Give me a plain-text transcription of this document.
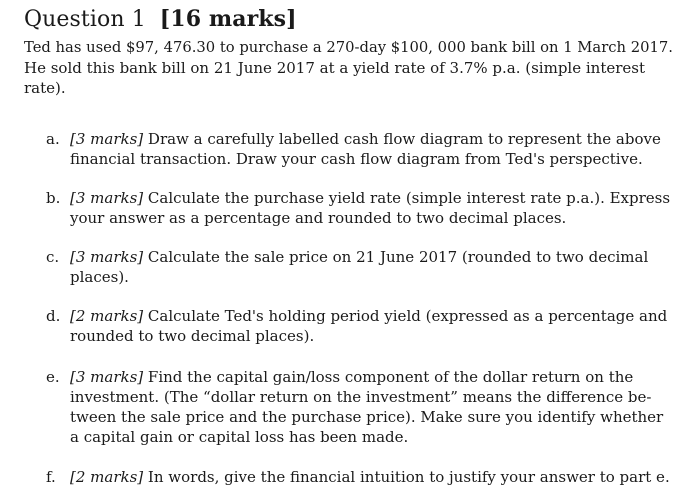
Question 1 [16 marks]
Ted has used $97, 476.30 to purchase a 270-day $100, 000 bank bill on 1 March 2017.
He sold this bank bill on 21 June 2017 at a yield rate of 3.7% p.a. (simple interest
rate).
a. [3 marks] Draw a carefully labelled cash flow diagram to represent the above
financial transaction. Draw your cash flow diagram from Ted's perspective.
b. [3 marks] Calculate the purchase yield rate (simple interest rate p.a.). Express
your answer as a percentage and rounded to two decimal places.
c. [3 marks] Calculate the sale price on 21 June 2017 (rounded to two decimal
places).
d. [2 marks] Calculate Ted's holding period yield (expressed as a percentage and
rounded to two decimal places).
e. [3 marks] Find the capital gain/loss component of the dollar return on the
investment. (The “dollar return on the investment” means the difference be-
tween the sale price and the purchase price). Make sure you identify whether
a capital gain or capital loss has been made.
f. [2 marks] In words, give the financial intuition to justify your answer to part e.
